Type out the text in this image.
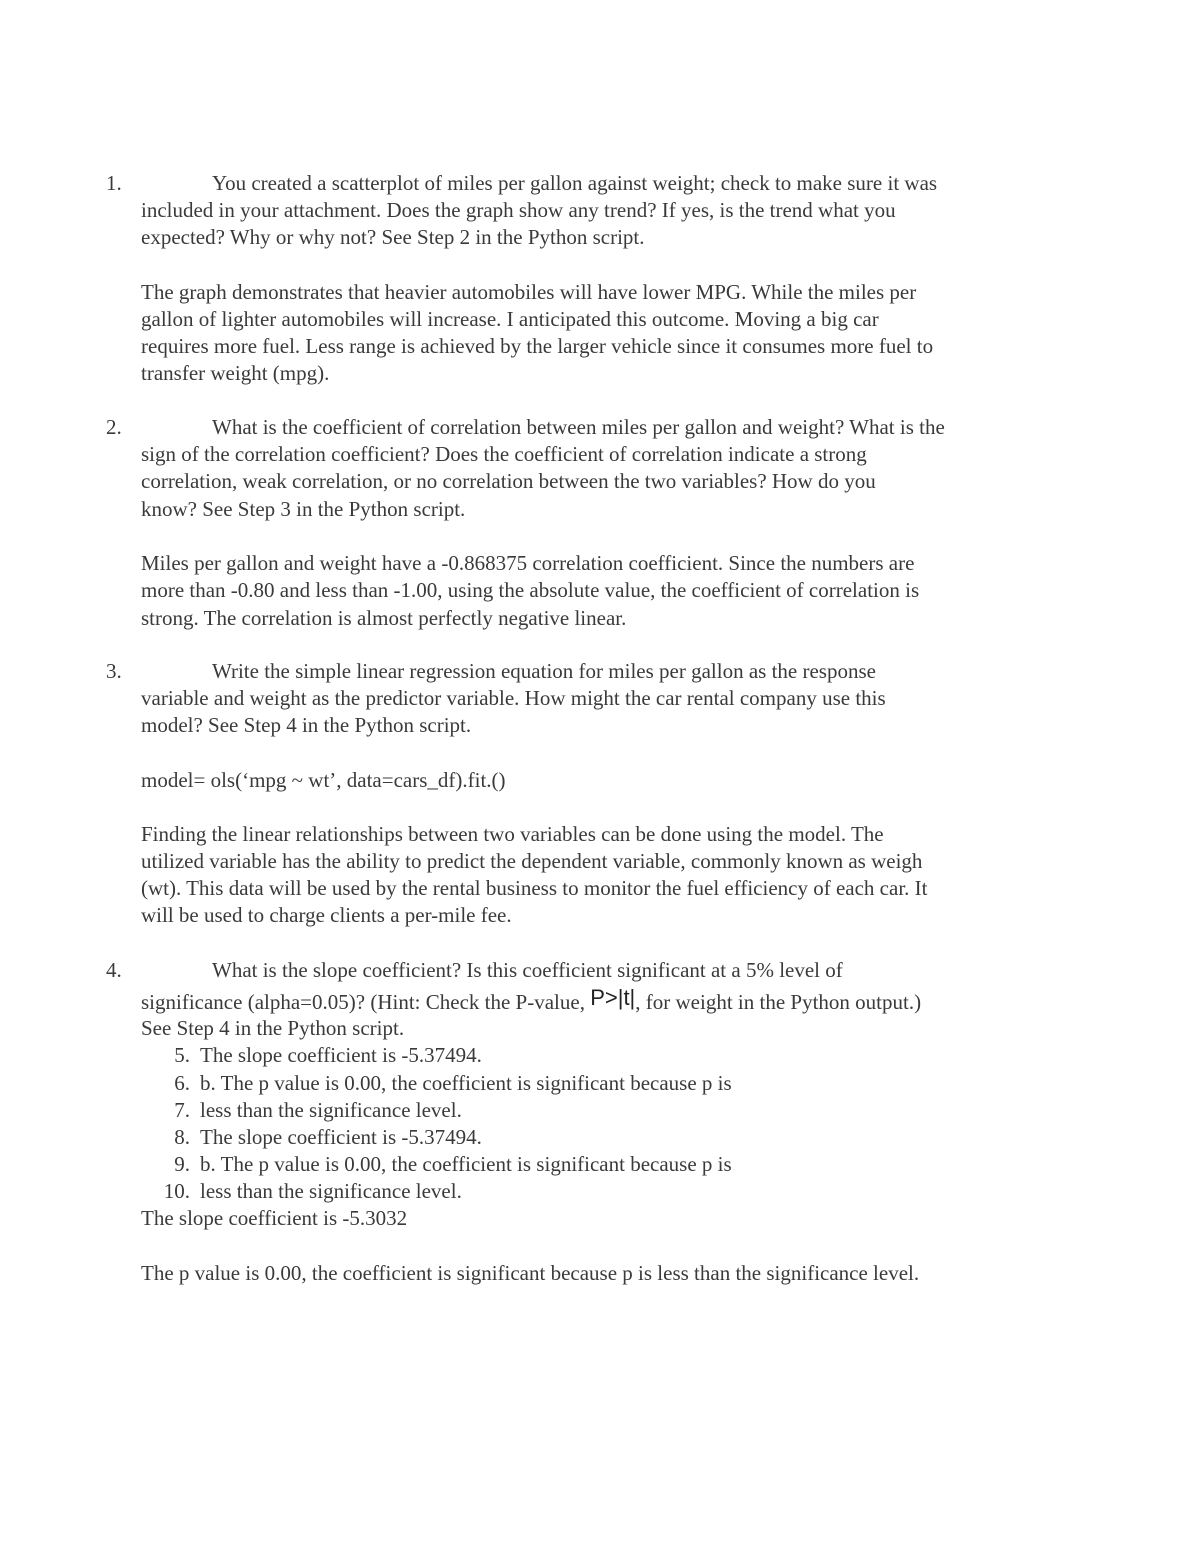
1.	You created a scatterplot of miles per gallon against weight; check to make sure it was
included in your attachment. Does the graph show any trend? If yes, is the trend what you
expected? Why or why not? See Step 2 in the Python script.
The graph demonstrates that heavier automobiles will have lower MPG. While the miles per
gallon of lighter automobiles will increase. I anticipated this outcome. Moving a big car
requires more fuel. Less range is achieved by the larger vehicle since it consumes more fuel to
transfer weight (mpg).
2.	What is the coefficient of correlation between miles per gallon and weight? What is the
sign of the correlation coefficient? Does the coefficient of correlation indicate a strong
correlation, weak correlation, or no correlation between the two variables? How do you
know? See Step 3 in the Python script.
Miles per gallon and weight have a -0.868375 correlation coefficient. Since the numbers are
more than -0.80 and less than -1.00, using the absolute value, the coefficient of correlation is
strong. The correlation is almost perfectly negative linear.
3.	Write the simple linear regression equation for miles per gallon as the response
variable and weight as the predictor variable. How might the car rental company use this
model? See Step 4 in the Python script.
model= ols(‘mpg ~ wt’, data=cars_df).fit.()
Finding the linear relationships between two variables can be done using the model. The
utilized variable has the ability to predict the dependent variable, commonly known as weigh
(wt). This data will be used by the rental business to monitor the fuel efficiency of each car. It
will be used to charge clients a per-mile fee.
4.	What is the slope coefficient? Is this coefficient significant at a 5% level of
significance (alpha=0.05)? (Hint: Check the P-value, P>|t|, for weight in the Python output.)
See Step 4 in the Python script.
5. The slope coefficient is -5.37494.
6. b. The p value is 0.00, the coefficient is significant because p is
7. less than the significance level.
8. The slope coefficient is -5.37494.
9. b. The p value is 0.00, the coefficient is significant because p is
10. less than the significance level.
The slope coefficient is -5.3032
The p value is 0.00, the coefficient is significant because p is less than the significance level.
